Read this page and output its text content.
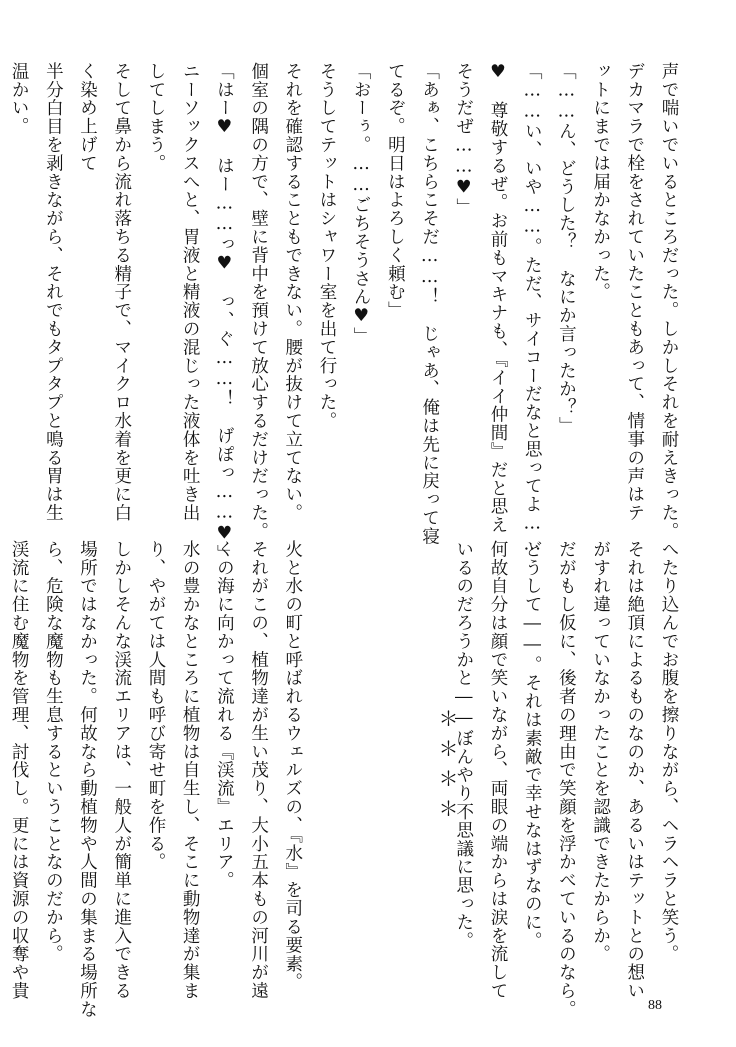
声で喘いでいるところだった。しかしそれを耐えきった。

デカマラで栓をされていたこともあって、情事の声はテ

ットにまでは届かなかった。

「……ん、どうした？　なにか言ったか？」

「……い、いや……。ただ、サイコーだなと思ってよ……

♥　尊敬するぜ。お前もマキナも、『イイ仲間』だと思え

そうだぜ……♥」

「あぁ、こちらこそだ……！　じゃあ、俺は先に戻って寝

てるぞ。明日はよろしく頼む」

「おーぅ。……ごちそうさん♥」

そうしてテットはシャワー室を出て行った。

それを確認することもできない。腰が抜けて立てない。

個室の隅の方で、壁に背中を預けて放心するだけだった。

「はー♥　はー……っ♥　っ、ぐ……！　げぽっ……♥」

ニーソックスへと、胃液と精液の混じった液体を吐き出

してしまう。

そして鼻から流れ落ちる精子で、マイクロ水着を更に白

く染め上げて

半分白目を剥きながら、それでもタプタプと鳴る胃は生

温かい。

へたり込んでお腹を擦りながら、ヘラヘラと笑う。

それは絶頂によるものなのか、あるいはテットとの想い

がすれ違っていなかったことを認識できたからか。

だがもし仮に、後者の理由で笑顔を浮かべているのなら。

どうして――。それは素敵で幸せなはずなのに。

何故自分は顔で笑いながら、両眼の端からは涙を流して

いるのだろうかと――ぼんやり不思議に思った。

火と水の町と呼ばれるウェルズの、『水』を司る要素。

それがこの、植物達が生い茂り、大小五本もの河川が遠

くの海に向かって流れる『渓流』エリア。

水の豊かなところに植物は自生し、そこに動物達が集ま

り、やがては人間も呼び寄せ町を作る。

しかしそんな渓流エリアは、一般人が簡単に進入できる

場所ではなかった。何故なら動植物や人間の集まる場所な

ら、危険な魔物も生息するということなのだから。

渓流に住む魔物を管理、討伐し。更には資源の収奪や貴	＊＊＊＊
88
